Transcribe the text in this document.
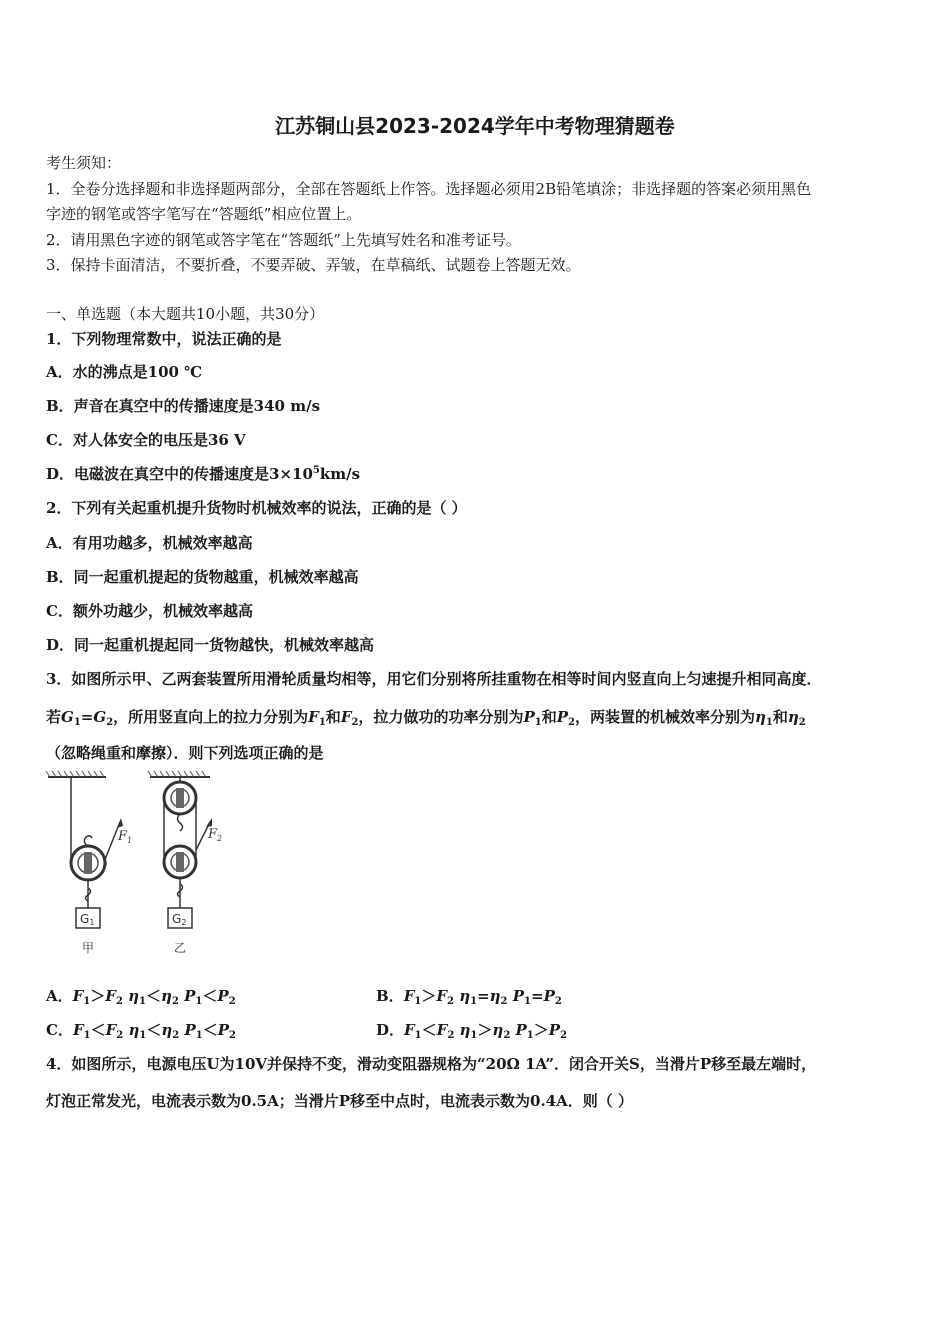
江苏铜山县2023-2024学年中考物理猜题卷
考生须知：
1．全卷分选择题和非选择题两部分，全部在答题纸上作答。选择题必须用2B铅笔填涂；非选择题的答案必须用黑色
字迹的钢笔或答字笔写在“答题纸”相应位置上。
2．请用黑色字迹的钢笔或答字笔在“答题纸”上先填写姓名和准考证号。
3．保持卡面清洁，不要折叠，不要弄破、弄皱，在草稿纸、试题卷上答题无效。
一、单选题（本大题共10小题，共30分）
1．下列物理常数中，说法正确的是
A．水的沸点是100 ℃
B．声音在真空中的传播速度是340 m/s
C．对人体安全的电压是36 V
D．电磁波在真空中的传播速度是$3\times 10^5km/s$
2．下列有关起重机提升货物时机械效率的说法，正确的是（ ）
A．有用功越多，机械效率越高
B．同一起重机提起的货物越重，机械效率越高
C．额外功越少，机械效率越高
D．同一起重机提起同一货物越快，机械效率越高
3．如图所示甲、乙两套装置所用滑轮质量均相等，用它们分别将所挂重物在相等时间内竖直向上匀速提升相同高度．
若$G_1=G_2$，所用竖直向上的拉力分别为$F_1$和$F_2$，拉力做功的功率分别为$P_1$和$P_2$，两装置的机械效率分别为$\eta_1$和$\eta_2$
（忽略绳重和摩擦）．则下列选项正确的是
$F_1$
G1
甲
$F_2$
G2
乙
A．$F_1>F_2$ $\eta_1<\eta_2$ $P_1<P_2$	B．$F_1>F_2$ $\eta_1=\eta_2$ $P_1=P_2$
C．$F_1<F_2$ $\eta_1<\eta_2$ $P_1<P_2$	D．$F_1<F_2$ $\eta_1>\eta_2$ $P_1>P_2$
4．如图所示，电源电压U为10V并保持不变，滑动变阻器规格为“20Ω 1A”．闭合开关S，当滑片P移至最左端时，
灯泡正常发光，电流表示数为0.5A；当滑片P移至中点时，电流表示数为0.4A．则（ ）
